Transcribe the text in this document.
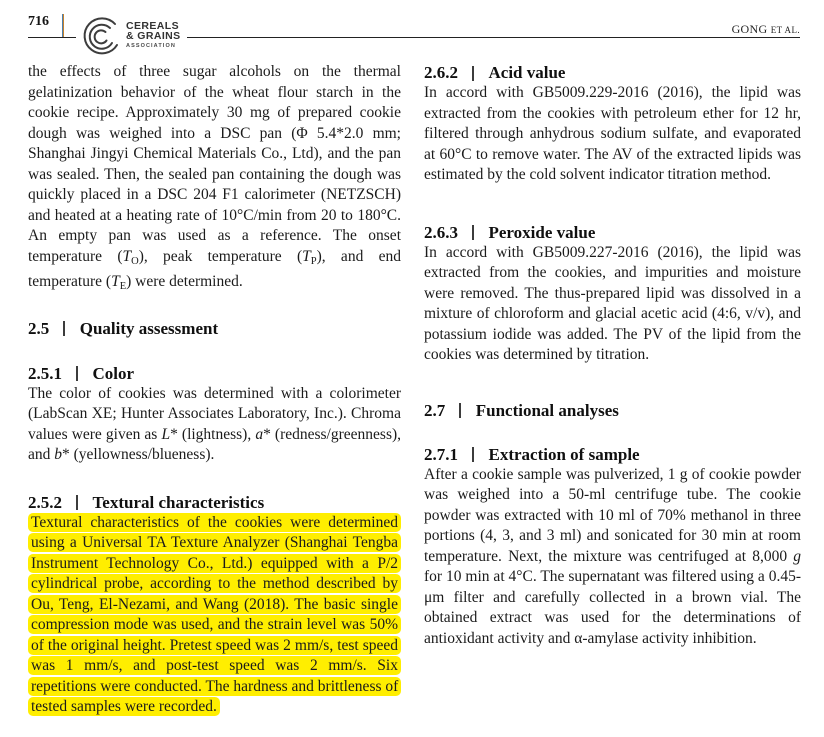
716	CEREALS
& GRAINS
ASSOCIATION
GONG ET AL.

the effects of three sugar alcohols on the thermal gelatinization behavior of the wheat flour starch in the cookie recipe. Approximately 30 mg of prepared cookie dough was weighed into a DSC pan (Φ 5.4*2.0 mm; Shanghai Jingyi Chemical Materials Co., Ltd), and the pan was sealed. Then, the sealed pan containing the dough was quickly placed in a DSC 204 F1 calorimeter (NETZSCH) and heated at a heating rate of 10°C/min from 20 to 180°C. An empty pan was used as a reference. The onset temperature $(T_O)$, peak temperature $(T_P)$, and end temperature $(T_E)$ were determined.

2.5 Quality assessment
2.5.1 Color

The color of cookies was determined with a colorimeter (LabScan XE; Hunter Associates Laboratory, Inc.). Chroma values were given as L* (lightness), a* (redness/greenness), and b* (yellowness/blueness).

2.5.2 Textural characteristics

Textural characteristics of the cookies were determined using a Universal TA Texture Analyzer (Shanghai Tengba Instrument Technology Co., Ltd.) equipped with a P/2 cylindrical probe, according to the method described by Ou, Teng, El-Nezami, and Wang (2018). The basic single compression mode was used, and the strain level was 50% of the original height. Pretest speed was 2 mm/s, test speed was 1 mm/s, and post-test speed was 2 mm/s. Six repetitions were conducted. The hardness and brittleness of tested samples were recorded.

2.6.2 Acid value

In accord with GB5009.229-2016 (2016), the lipid was extracted from the cookies with petroleum ether for 12 hr, filtered through anhydrous sodium sulfate, and evaporated at 60°C to remove water. The AV of the extracted lipids was estimated by the cold solvent indicator titration method.

2.6.3 Peroxide value

In accord with GB5009.227-2016 (2016), the lipid was extracted from the cookies, and impurities and moisture were removed. The thus-prepared lipid was dissolved in a mixture of chloroform and glacial acetic acid (4:6, v/v), and potassium iodide was added. The PV of the lipid from the cookies was determined by titration.

2.7 Functional analyses
2.7.1 Extraction of sample

After a cookie sample was pulverized, 1 g of cookie powder was weighed into a 50-ml centrifuge tube. The cookie powder was extracted with 10 ml of 70% methanol in three portions (4, 3, and 3 ml) and sonicated for 30 min at room temperature. Next, the mixture was centrifuged at 8,000 g for 10 min at 4°C. The supernatant was filtered using a 0.45-μm filter and carefully collected in a brown vial. The obtained extract was used for the determinations of antioxidant activity and α-amylase activity inhibition.
